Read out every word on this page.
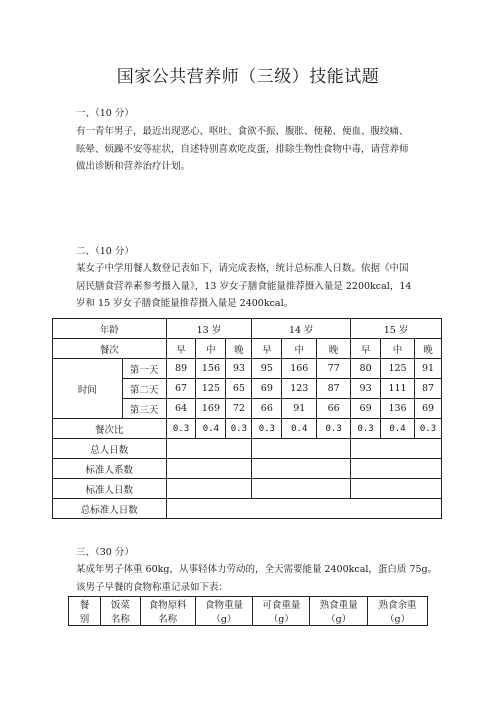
国家公共营养师（三级）技能试题
一、（10 分）
有一青年男子，最近出现恶心、呕吐、食欲不振、腹胀、便秘、便血、腹绞痛、
眩晕、烦躁不安等症状，自述特别喜欢吃皮蛋，排除生物性食物中毒，请营养师
做出诊断和营养治疗计划。
二、（10 分）
某女子中学用餐人数登记表如下，请完成表格，统计总标准人日数。依据《中国
居民膳食营养素参考摄入量》，13 岁女子膳食能量推荐摄入量是 2200kcal，14
岁和 15 岁女子膳食能量推荐摄入量是 2400kcal。
年龄		13 岁			14 岁			15 岁		
餐次		早	中	晚	早	中	晚	早	中	晚
时间	第一天	89	156	93	95	166	77	80	125	91
	第二天	67	125	65	69	123	87	93	111	87
	第三天	64	169	72	66	91	66	69	136	69
餐次比		0.3	0.4	0.3	0.3	0.4	0.3	0.3	0.4	0.3
总人日数										
标准人系数										
标准人日数										
总标准人日数										
三、（30 分）
某成年男子体重 60kg，从事轻体力劳动的，全天需要能量 2400kcal，蛋白质 75g。
该男子早餐的食物称重记录如下表：
餐
别

饭菜
名称

食物原料
名称

食物重量
（g）

可食重量
（g）

熟食重量
（g）

熟食余重
（g）
